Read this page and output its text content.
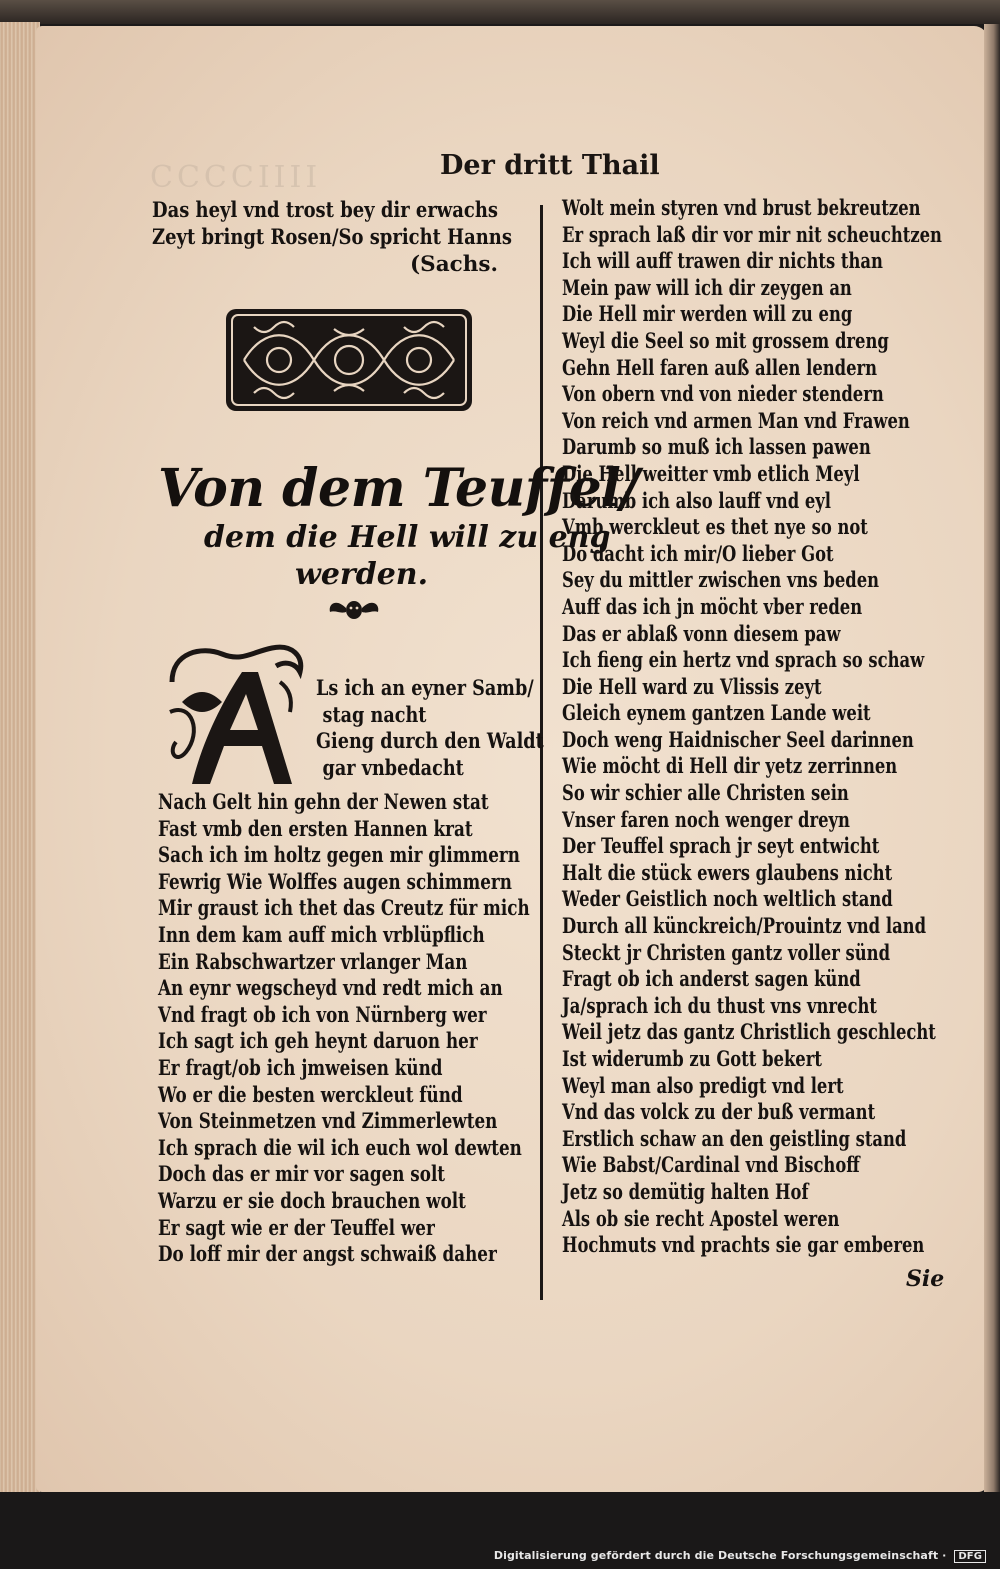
CCCCIIII	Der dritt Thail
Das heyl vnd trost bey dir erwachs
Zeyt bringt Rosen/So spricht Hanns
(Sachs.
Von dem Teuffel/
dem die Hell will zu eng
werden.
Ls ich an eyner Samb/
stag nacht
Gieng durch den Waldt
gar vnbedacht
Nach Gelt hin gehn der Newen stat
Fast vmb den ersten Hannen krat
Sach ich im holtz gegen mir glimmern
Fewrig Wie Wolffes augen schimmern
Mir graust ich thet das Creutz für mich
Inn dem kam auff mich vrblüpflich
Ein Rabschwartzer vrlanger Man
An eynr wegscheyd vnd redt mich an
Vnd fragt ob ich von Nürnberg wer
Ich sagt ich geh heynt daruon her
Er fragt/ob ich jmweisen künd
Wo er die besten werckleut fünd
Von Steinmetzen vnd Zimmerlewten
Ich sprach die wil ich euch wol dewten
Doch das er mir vor sagen solt
Warzu er sie doch brauchen wolt
Er sagt wie er der Teuffel wer
Do loff mir der angst schwaiß daher
Wolt mein styren vnd brust bekreutzen
Er sprach laß dir vor mir nit scheuchtzen
Ich will auff trawen dir nichts than
Mein paw will ich dir zeygen an
Die Hell mir werden will zu eng
Weyl die Seel so mit grossem dreng
Gehn Hell faren auß allen lendern
Von obern vnd von nieder stendern
Von reich vnd armen Man vnd Frawen
Darumb so muß ich lassen pawen
Die Hell weitter vmb etlich Meyl
Darumb ich also lauff vnd eyl
Vmb werckleut es thet nye so not
Do dacht ich mir/O lieber Got
Sey du mittler zwischen vns beden
Auff das ich jn möcht vber reden
Das er ablaß vonn diesem paw
Ich fieng ein hertz vnd sprach so schaw
Die Hell ward zu Vlissis zeyt
Gleich eynem gantzen Lande weit
Doch weng Haidnischer Seel darinnen
Wie möcht di Hell dir yetz zerrinnen
So wir schier alle Christen sein
Vnser faren noch wenger dreyn
Der Teuffel sprach jr seyt entwicht
Halt die stück ewers glaubens nicht
Weder Geistlich noch weltlich stand
Durch all künckreich/Prouintz vnd land
Steckt jr Christen gantz voller sünd
Fragt ob ich anderst sagen künd
Ja/sprach ich du thust vns vnrecht
Weil jetz das gantz Christlich geschlecht
Ist widerumb zu Gott bekert
Weyl man also predigt vnd lert
Vnd das volck zu der buß vermant
Erstlich schaw an den geistling stand
Wie Babst/Cardinal vnd Bischoff
Jetz so demütig halten Hof
Als ob sie recht Apostel weren
Hochmuts vnd prachts sie gar emberen
Sie
Digitalisierung gefördert durch die Deutsche Forschungsgemeinschaft · DFG
